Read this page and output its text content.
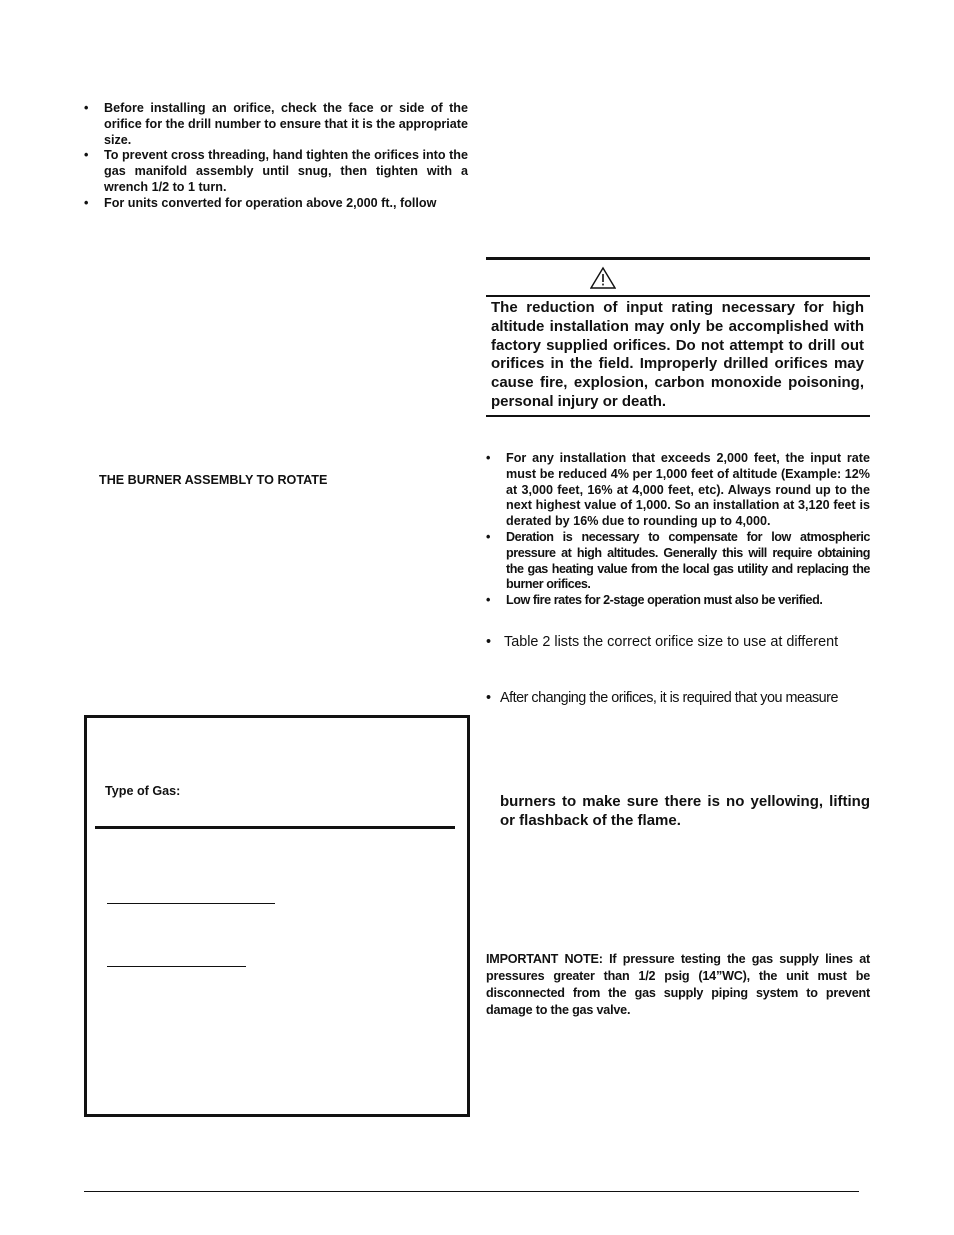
• Before installing an orifice, check the face or side of the orifice for the drill number to ensure that it is the appropriate size.
• To prevent cross threading, hand tighten the orifices into the gas manifold assembly until snug, then tighten with a wrench 1/2 to 1 turn.
• For units converted for operation above 2,000 ft., follow
THE BURNER ASSEMBLY TO ROTATE
Type of Gas:

The reduction of input rating necessary for high altitude installation may only be accomplished with factory supplied orifices. Do not attempt to drill out orifices in the field. Improperly drilled orifices may cause fire, explosion, carbon monoxide poisoning, personal injury or death.

• For any installation that exceeds 2,000 feet, the input rate must be reduced 4% per 1,000 feet of altitude (Example: 12% at 3,000 feet, 16% at 4,000 feet, etc). Always round up to the next highest value of 1,000. So an installation at 3,120 feet is derated by 16% due to rounding up to 4,000.
• Deration is necessary to compensate for low atmospheric pressure at high altitudes. Generally this will require obtaining the gas heating value from the local gas utility and replacing the burner orifices.
• Low fire rates for 2-stage operation must also be verified.
• Table 2 lists the correct orifice size to use at different
• After changing the orifices, it is required that you measure

burners to make sure there is no yellowing, lifting or flashback of the flame.

IMPORTANT NOTE: If pressure testing the gas supply lines at pressures greater than 1/2 psig (14”WC), the unit must be disconnected from the gas supply piping system to prevent damage to the gas valve.
